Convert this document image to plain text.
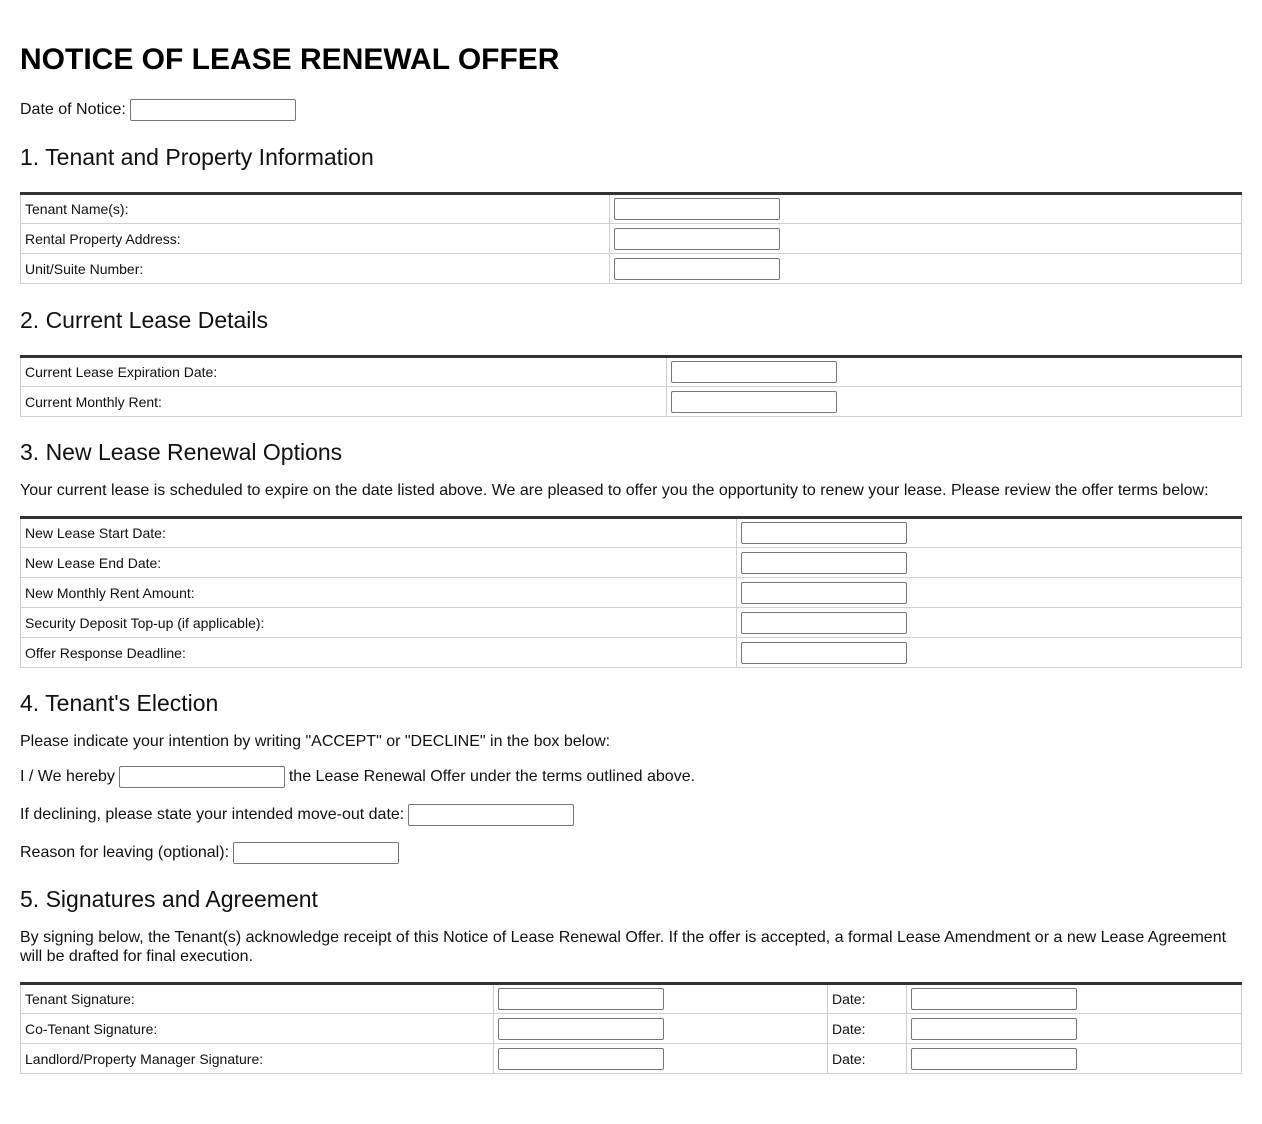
NOTICE OF LEASE RENEWAL OFFER
Date of Notice:
1. Tenant and Property Information
Tenant Name(s):	
Rental Property Address:	
Unit/Suite Number:	
2. Current Lease Details
Current Lease Expiration Date:	
Current Monthly Rent:	
3. New Lease Renewal Options

Your current lease is scheduled to expire on the date listed above. We are pleased to offer you the opportunity to renew your lease. Please review the offer terms below:

New Lease Start Date:	
New Lease End Date:	
New Monthly Rent Amount:	
Security Deposit Top-up (if applicable):	
Offer Response Deadline:	
4. Tenant's Election

Please indicate your intention by writing "ACCEPT" or "DECLINE" in the box below:

I / We hereby	the Lease Renewal Offer under the terms outlined above.
If declining, please state your intended move-out date:
Reason for leaving (optional):
5. Signatures and Agreement

By signing below, the Tenant(s) acknowledge receipt of this Notice of Lease Renewal Offer. If the offer is accepted, a formal Lease Amendment or a new Lease Agreement will be drafted for final execution.

Tenant Signature:		Date:	
Co-Tenant Signature:		Date:	
Landlord/Property Manager Signature:		Date:	
